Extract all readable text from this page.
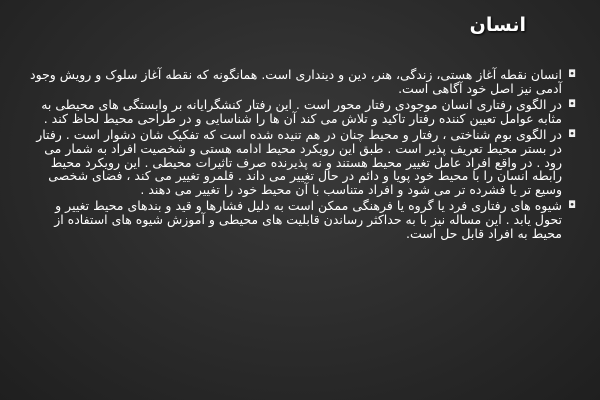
انسان
◘
انسان نقطه آغاز هستی، زندگی، هنر، دین و دینداری است. همانگونه که نقطه آغاز سلوک و رویش وجود آدمی نیز اصل خود آگاهی است.
◘
در الگوی رفتاری انسان موجودی رفتار محور است . این رفتار کنشگرایانه بر وابستگی های محیطی به مثابه عوامل تعیین کننده رفتار تاکید و تلاش می کند آن ها را شناسایی و در طراحی محیط لحاظ کند .
◘
در الگوی بوم شناختی ، رفتار و محیط چنان در هم تنیده شده است که تفکیک شان دشوار است . رفتار در بستر محیط تعریف پذیر است . طبق این رویکرد محیط ادامه هستی و شخصیت افراد به شمار می رود . در واقع افراد عامل تغییر محیط هستند و نه پذیرنده صرف تاثیرات محیطی . این رویکرد محیط رابطه انسان را با محیط خود پویا و دائم در حال تغییر می داند . قلمرو تغییر می کند ، فضای شخصی وسیع تر یا فشرده تر می شود و افراد متناسب با آن محیط خود را تغییر می دهند .
◘
شیوه های رفتاری فرد یا گروه یا فرهنگی ممکن است به دلیل فشارها و قید و بندهای محیط تغییر و تحول یابد . این مساله نیز با به حداکثر رساندن قابلیت های محیطی و آموزش شیوه های استفاده از محیط به افراد قابل حل است.
